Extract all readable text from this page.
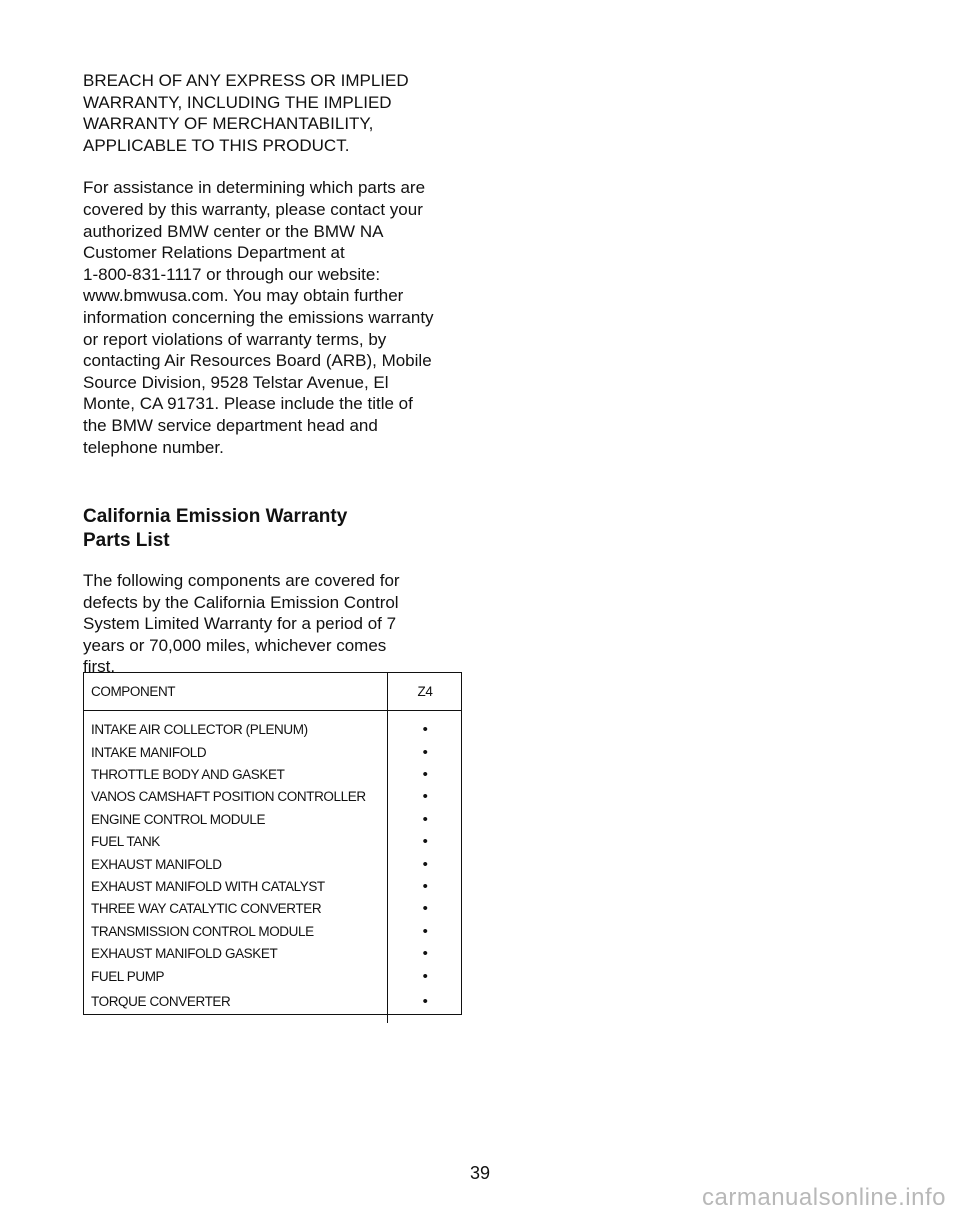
BREACH OF ANY EXPRESS OR IMPLIED
WARRANTY, INCLUDING THE IMPLIED
WARRANTY OF MERCHANTABILITY,
APPLICABLE TO THIS PRODUCT.

For assistance in determining which parts are
covered by this warranty, please contact your
authorized BMW center or the BMW NA
Customer Relations Department at
1-800-831-1117 or through our website:
www.bmwusa.com. You may obtain further
information concerning the emissions warranty
or report violations of warranty terms, by
contacting Air Resources Board (ARB), Mobile
Source Division, 9528 Telstar Avenue, El
Monte, CA 91731. Please include the title of
the BMW service department head and
telephone number.

California Emission Warranty
Parts List

The following components are covered for
defects by the California Emission Control
System Limited Warranty for a period of 7
years or 70,000 miles, whichever comes
first.

COMPONENT	Z4
INTAKE AIR COLLECTOR (PLENUM)	•
INTAKE MANIFOLD	•
THROTTLE BODY AND GASKET	•
VANOS CAMSHAFT POSITION CONTROLLER	•
ENGINE CONTROL MODULE	•
FUEL TANK	•
EXHAUST MANIFOLD	•
EXHAUST MANIFOLD WITH CATALYST	•
THREE WAY CATALYTIC CONVERTER	•
TRANSMISSION CONTROL MODULE	•
EXHAUST MANIFOLD GASKET	•
FUEL PUMP	•
TORQUE CONVERTER	•
39
carmanualsonline.info
